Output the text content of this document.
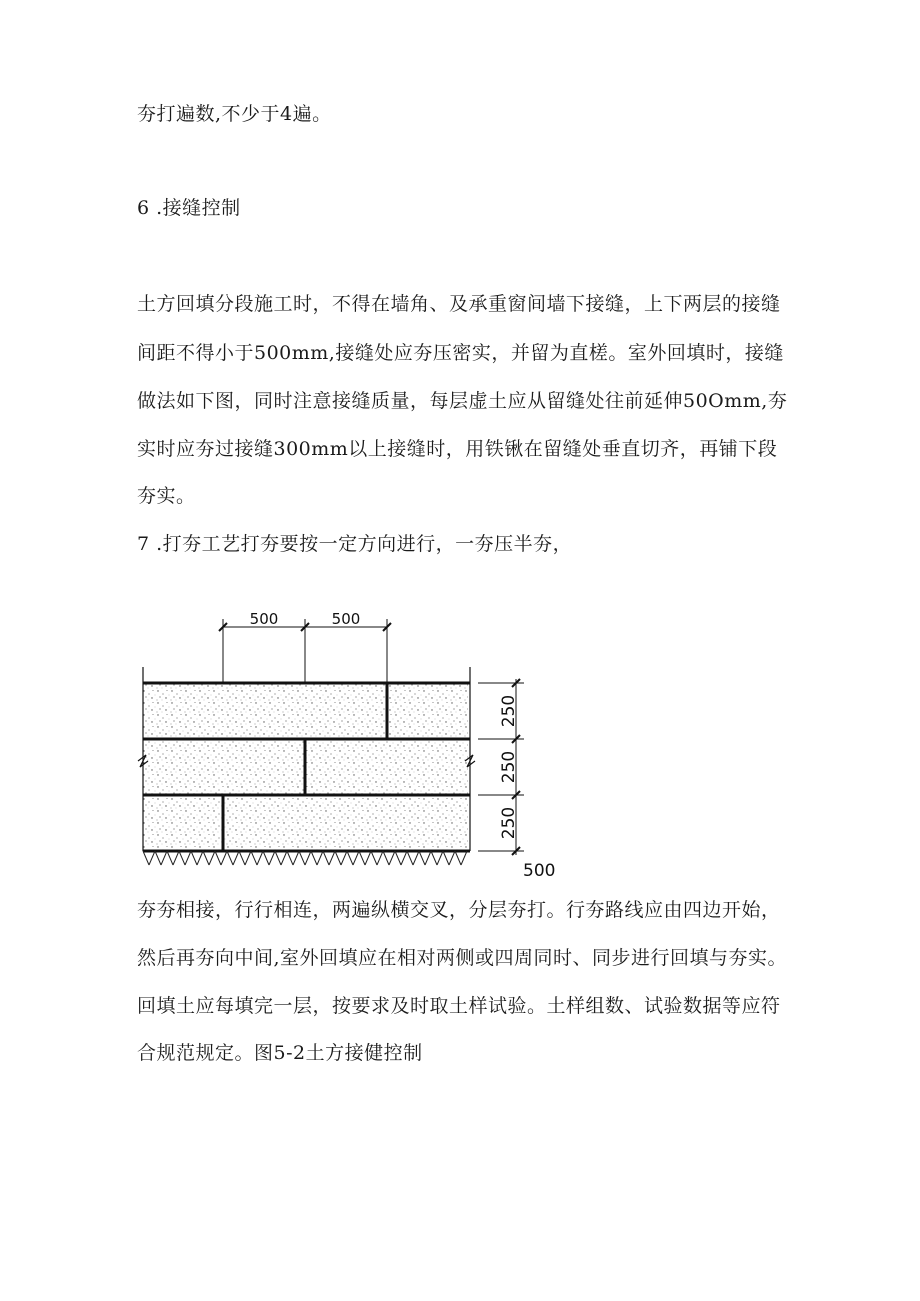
夯打遍数,不少于4遍。
6 .接缝控制
土方回填分段施工时，不得在墙角、及承重窗间墙下接缝，上下两层的接缝
间距不得小于500mm,接缝处应夯压密实，并留为直槎。室外回填时，接缝
做法如下图，同时注意接缝质量，每层虚土应从留缝处往前延伸50Omm,夯
实时应夯过接缝300mm以上接缝时，用铁锹在留缝处垂直切齐，再铺下段
夯实。
7 .打夯工艺打夯要按一定方向进行，一夯压半夯，
500	500
250
250
250
500
夯夯相接，行行相连，两遍纵横交叉，分层夯打。行夯路线应由四边开始，
然后再夯向中间,室外回填应在相对两侧或四周同时、同步进行回填与夯实。
回填土应每填完一层，按要求及时取土样试验。土样组数、试验数据等应符
合规范规定。图5-2土方接健控制
